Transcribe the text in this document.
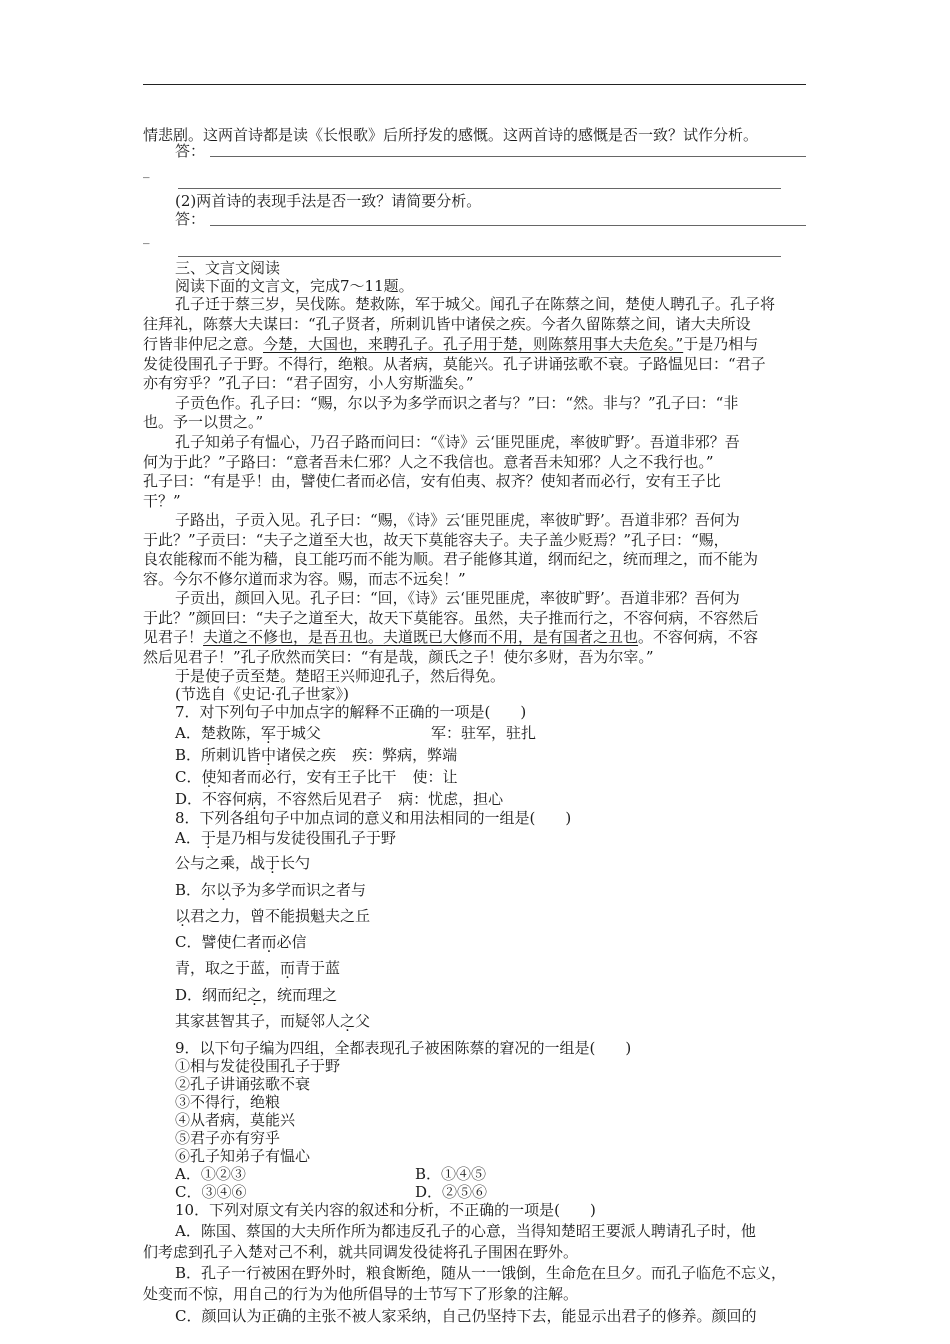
情悲剧。这两首诗都是读《长恨歌》后所抒发的感慨。这两首诗的感慨是否一致？试作分析。
答：
_
(2)两首诗的表现手法是否一致？请简要分析。
答：
_
三、文言文阅读
阅读下面的文言文，完成7～11题。
孔子迁于蔡三岁，吴伐陈。楚救陈，军于城父。闻孔子在陈蔡之间，楚使人聘孔子。孔子将
往拜礼，陈蔡大夫谋曰：“孔子贤者，所刺讥皆中诸侯之疾。今者久留陈蔡之间，诸大夫所设
行皆非仲尼之意。今楚，大国也，来聘孔子。孔子用于楚，则陈蔡用事大夫危矣。”于是乃相与
发徒役围孔子于野。不得行，绝粮。从者病，莫能兴。孔子讲诵弦歌不衰。子路愠见曰：“君子
亦有穷乎？”孔子曰：“君子固穷，小人穷斯滥矣。”
子贡色作。孔子曰：“赐，尔以予为多学而识之者与？”曰：“然。非与？”孔子曰：“非
也。予一以贯之。”
孔子知弟子有愠心，乃召子路而问曰：“《诗》云‘匪兕匪虎，率彼旷野’。吾道非邪？吾
何为于此？”子路曰：“意者吾未仁邪？人之不我信也。意者吾未知邪？人之不我行也。”
孔子曰：“有是乎！由，譬使仁者而必信，安有伯夷、叔齐？使知者而必行，安有王子比
干？”
子路出，子贡入见。孔子曰：“赐，《诗》云‘匪兕匪虎，率彼旷野’。吾道非邪？吾何为
于此？”子贡曰：“夫子之道至大也，故天下莫能容夫子。夫子盖少贬焉？”孔子曰：“赐，
良农能稼而不能为穑，良工能巧而不能为顺。君子能修其道，纲而纪之，统而理之，而不能为
容。今尔不修尔道而求为容。赐，而志不远矣！”
子贡出，颜回入见。孔子曰：“回，《诗》云‘匪兕匪虎，率彼旷野’。吾道非邪？吾何为
于此？”颜回曰：“夫子之道至大，故天下莫能容。虽然，夫子推而行之，不容何病，不容然后
见君子！夫道之不修也，是吾丑也。夫道既已大修而不用，是有国者之丑也。不容何病，不容
然后见君子！”孔子欣然而笑曰：“有是哉，颜氏之子！使尔多财，吾为尔宰。”
于是使子贡至楚。楚昭王兴师迎孔子，然后得免。
(节选自《史记·孔子世家》)
7．对下列句子中加点字的解释不正确的一项是(　　)
A．楚救陈，军于城父	军：驻军，驻扎
B．所刺讥皆中诸侯之疾 疾：弊病，弊端
C．使知者而必行，安有王子比干 使：让
D．不容何病，不容然后见君子 病：忧虑，担心
8．下列各组句子中加点词的意义和用法相同的一组是(　　)
A．于是乃相与发徒役围孔子于野
公与之乘，战于长勺
B．尔以予为多学而识之者与
以君之力，曾不能损魁夫之丘
C．譬使仁者而必信
青，取之于蓝，而青于蓝
D．纲而纪之，统而理之
其家甚智其子，而疑邻人之父
9．以下句子编为四组，全都表现孔子被困陈蔡的窘况的一组是(　　)
①相与发徒役围孔子于野
②孔子讲诵弦歌不衰
③不得行，绝粮
④从者病，莫能兴
⑤君子亦有穷乎
⑥孔子知弟子有愠心
A．①②③	B．①④⑤
C．③④⑥	D．②⑤⑥
10．下列对原文有关内容的叙述和分析，不正确的一项是(　　)
A．陈国、蔡国的大夫所作所为都违反孔子的心意，当得知楚昭王要派人聘请孔子时，他
们考虑到孔子入楚对己不利，就共同调发役徒将孔子围困在野外。
B．孔子一行被困在野外时，粮食断绝，随从一一饿倒，生命危在旦夕。而孔子临危不忘义，
处变而不惊，用自己的行为为他所倡导的士节写下了形象的注解。
C．颜回认为正确的主张不被人家采纳，自己仍坚持下去，能显示出君子的修养。颜回的
